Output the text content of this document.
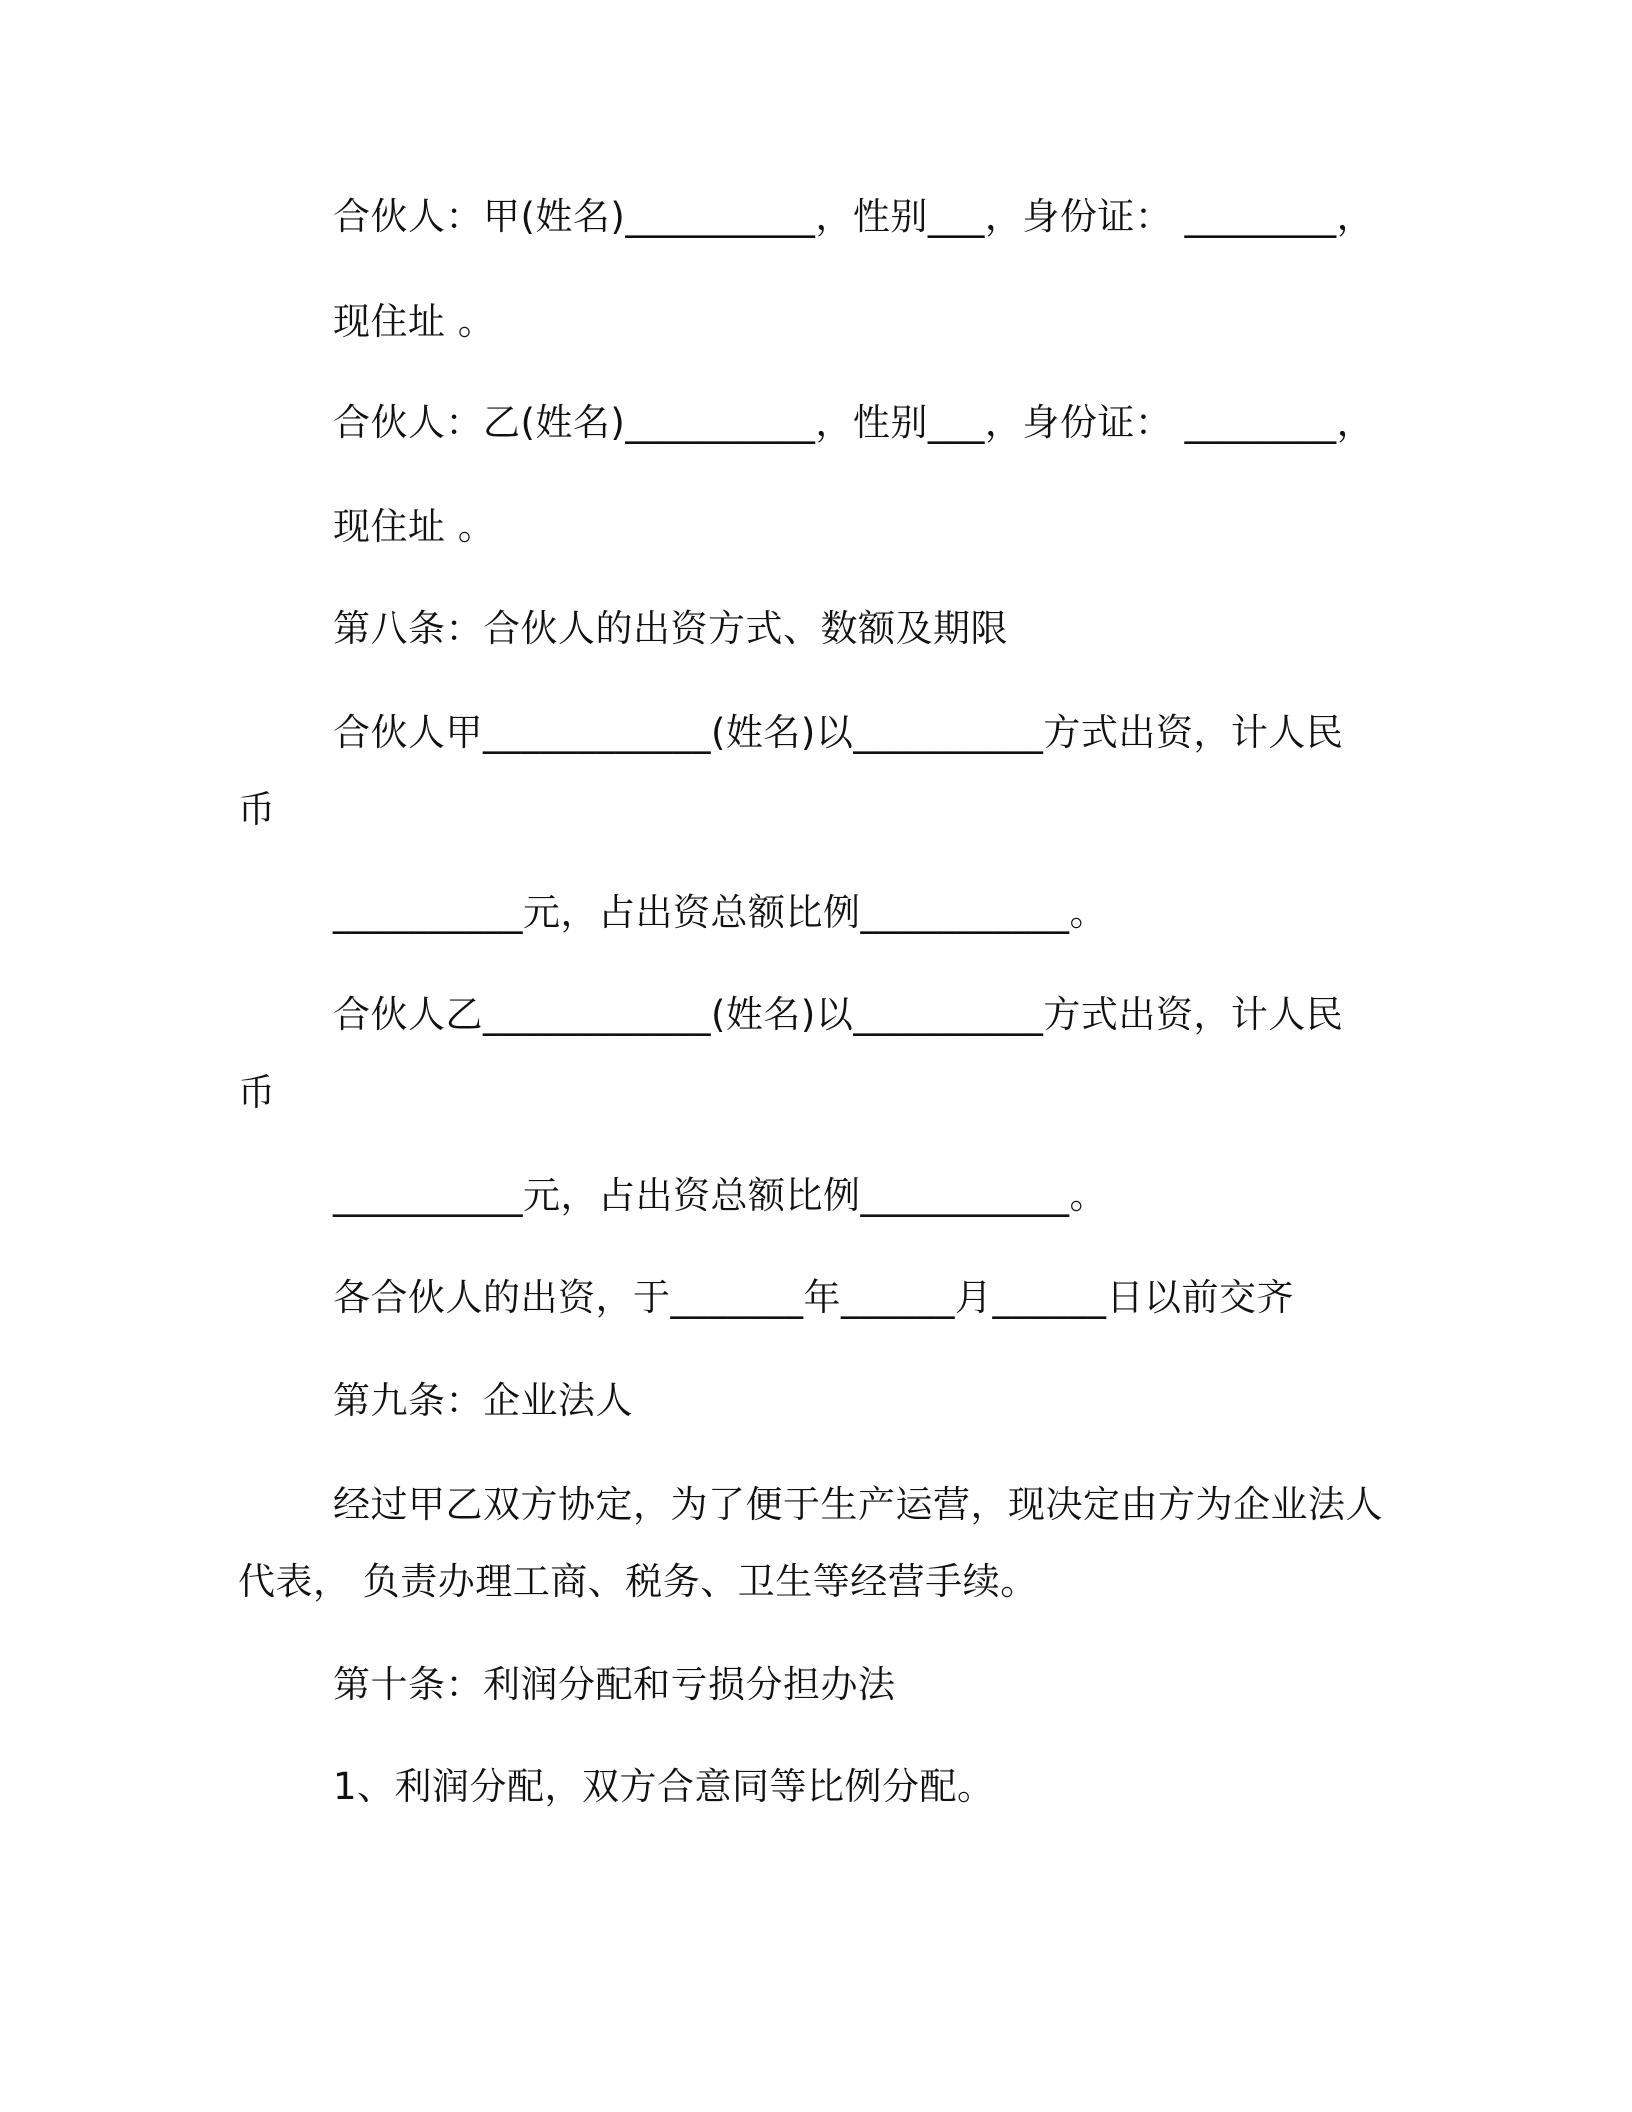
合伙人：甲(姓名)__________，性别___，身份证： ________，
现住址 。
合伙人：乙(姓名)__________，性别___，身份证： ________，
现住址 。
第八条：合伙人的出资方式、数额及期限
合伙人甲____________(姓名)以__________方式出资，计人民
币
__________元，占出资总额比例___________。
合伙人乙____________(姓名)以__________方式出资，计人民
币
__________元，占出资总额比例___________。
各合伙人的出资，于_______年______月______日以前交齐
第九条：企业法人
经过甲乙双方协定，为了便于生产运营，现决定由方为企业法人
代表， 负责办理工商、税务、卫生等经营手续。
第十条：利润分配和亏损分担办法
1、利润分配，双方合意同等比例分配。
